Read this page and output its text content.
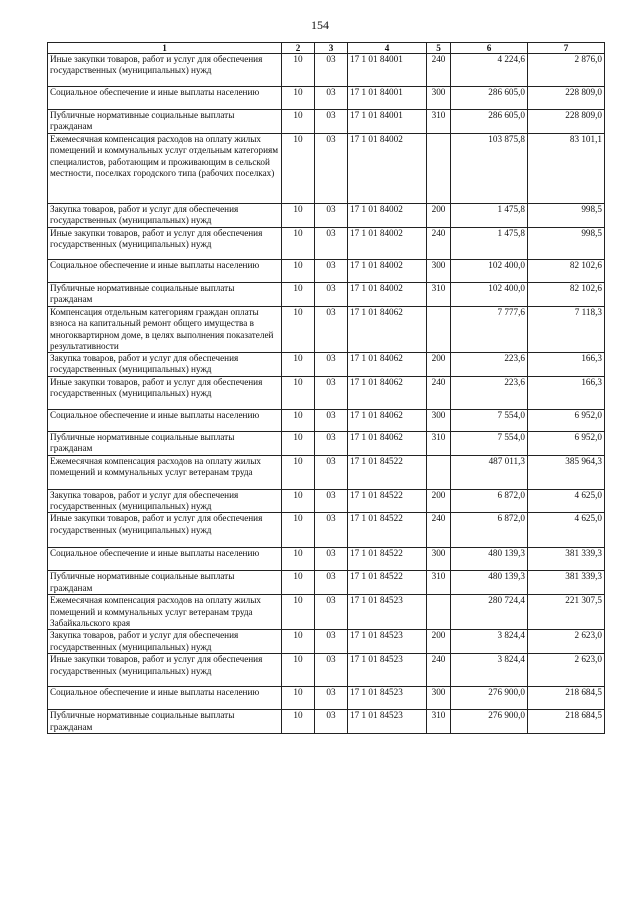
154
1	2	3	4	5	6	7
Иные закупки товаров, работ и услуг для обеспечения государственных (муниципальных) нужд	10	03	17 1 01 84001	240	4 224,6	2 876,0
Социальное обеспечение и иные выплаты населению	10	03	17 1 01 84001	300	286 605,0	228 809,0
Публичные нормативные социальные выплаты гражданам	10	03	17 1 01 84001	310	286 605,0	228 809,0
Ежемесячная компенсация расходов на оплату жилых помещений и коммунальных услуг отдельным категориям специалистов, работающим и проживающим в сельской местности, поселках городского типа (рабочих поселках)	10	03	17 1 01 84002		103 875,8	83 101,1
Закупка товаров, работ и услуг для обеспечения государственных (муниципальных) нужд	10	03	17 1 01 84002	200	1 475,8	998,5
Иные закупки товаров, работ и услуг для обеспечения государственных (муниципальных) нужд	10	03	17 1 01 84002	240	1 475,8	998,5
Социальное обеспечение и иные выплаты населению	10	03	17 1 01 84002	300	102 400,0	82 102,6
Публичные нормативные социальные выплаты гражданам	10	03	17 1 01 84002	310	102 400,0	82 102,6
Компенсация отдельным категориям граждан оплаты взноса на капитальный ремонт общего имущества в многоквартирном доме, в целях выполнения показателей результативности	10	03	17 1 01 84062		7 777,6	7 118,3
Закупка товаров, работ и услуг для обеспечения государственных (муниципальных) нужд	10	03	17 1 01 84062	200	223,6	166,3
Иные закупки товаров, работ и услуг для обеспечения государственных (муниципальных) нужд	10	03	17 1 01 84062	240	223,6	166,3
Социальное обеспечение и иные выплаты населению	10	03	17 1 01 84062	300	7 554,0	6 952,0
Публичные нормативные социальные выплаты гражданам	10	03	17 1 01 84062	310	7 554,0	6 952,0
Ежемесячная компенсация расходов на оплату жилых помещений и коммунальных услуг ветеранам труда	10	03	17 1 01 84522		487 011,3	385 964,3
Закупка товаров, работ и услуг для обеспечения государственных (муниципальных) нужд	10	03	17 1 01 84522	200	6 872,0	4 625,0
Иные закупки товаров, работ и услуг для обеспечения государственных (муниципальных) нужд	10	03	17 1 01 84522	240	6 872,0	4 625,0
Социальное обеспечение и иные выплаты населению	10	03	17 1 01 84522	300	480 139,3	381 339,3
Публичные нормативные социальные выплаты гражданам	10	03	17 1 01 84522	310	480 139,3	381 339,3
Ежемесячная компенсация расходов на оплату жилых помещений и коммунальных услуг ветеранам труда Забайкальского края	10	03	17 1 01 84523		280 724,4	221 307,5
Закупка товаров, работ и услуг для обеспечения государственных (муниципальных) нужд	10	03	17 1 01 84523	200	3 824,4	2 623,0
Иные закупки товаров, работ и услуг для обеспечения государственных (муниципальных) нужд	10	03	17 1 01 84523	240	3 824,4	2 623,0
Социальное обеспечение и иные выплаты населению	10	03	17 1 01 84523	300	276 900,0	218 684,5
Публичные нормативные социальные выплаты гражданам	10	03	17 1 01 84523	310	276 900,0	218 684,5
